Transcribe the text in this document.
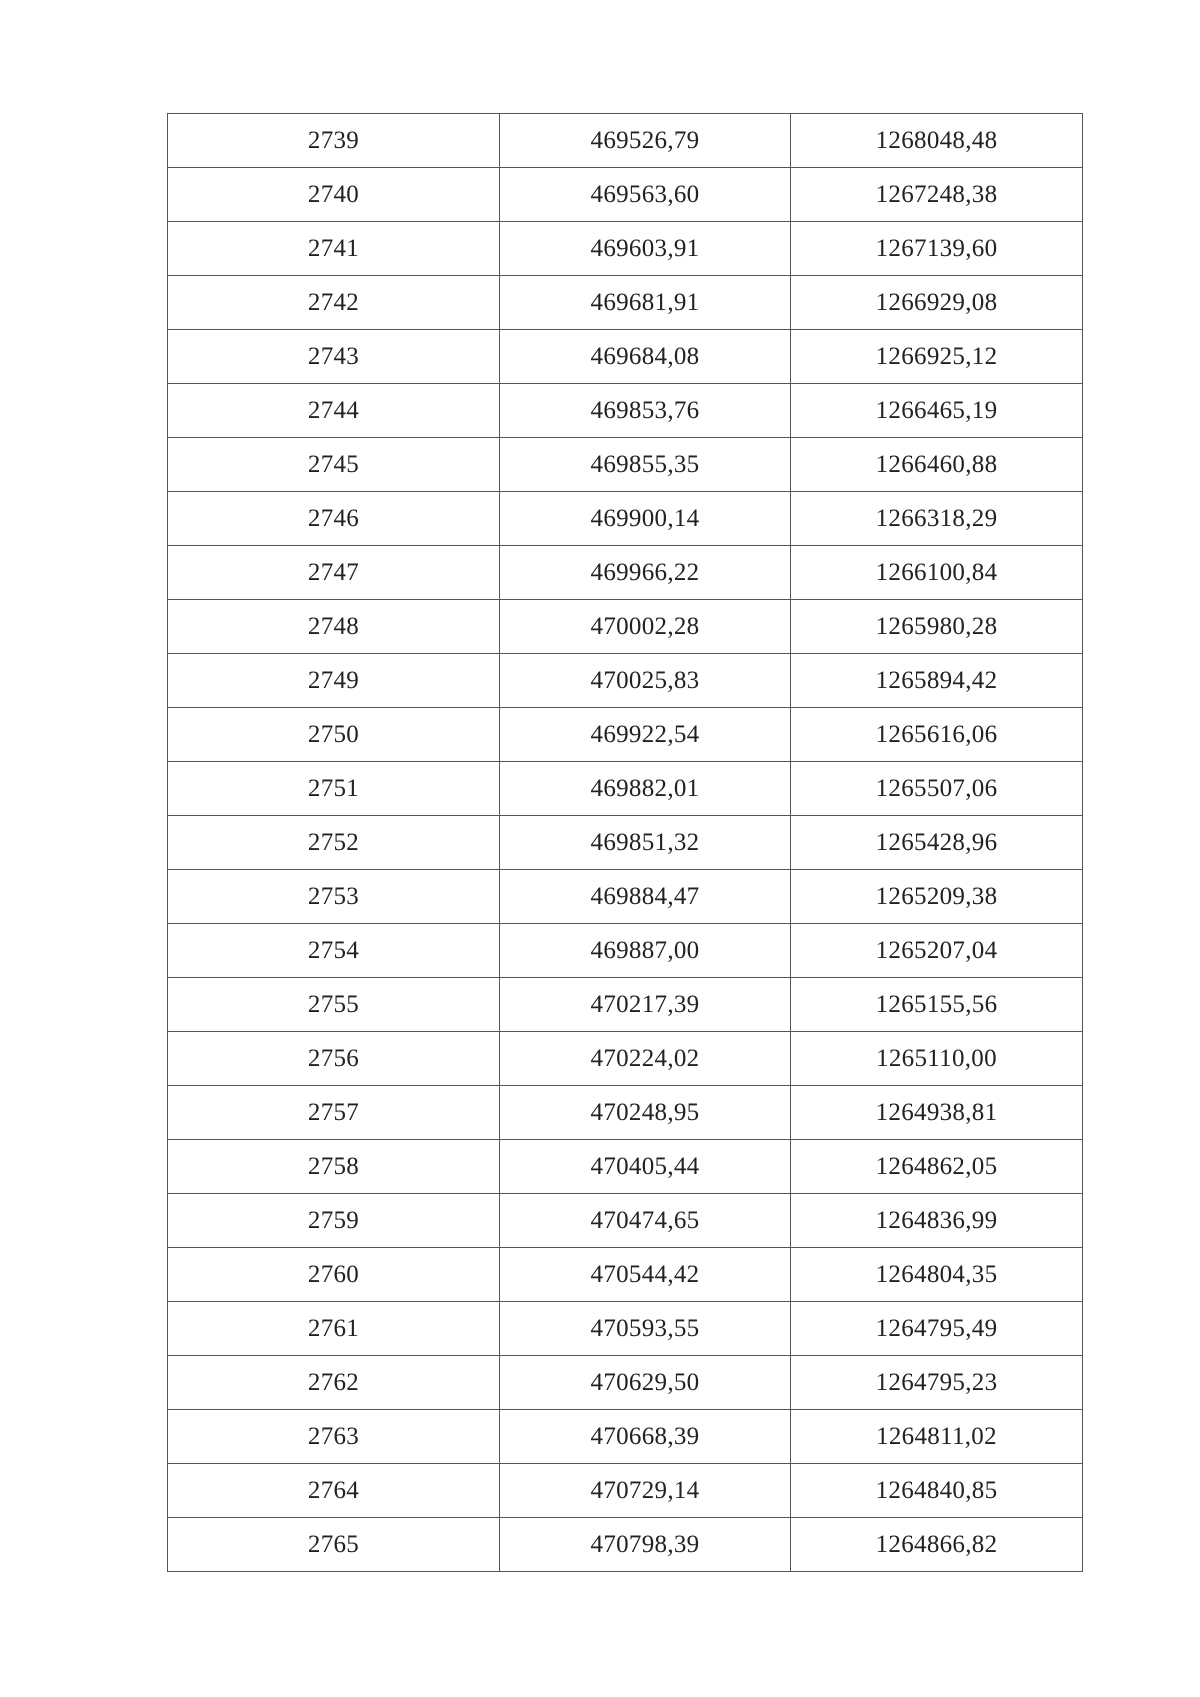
2739	469526,79	1268048,48
2740	469563,60	1267248,38
2741	469603,91	1267139,60
2742	469681,91	1266929,08
2743	469684,08	1266925,12
2744	469853,76	1266465,19
2745	469855,35	1266460,88
2746	469900,14	1266318,29
2747	469966,22	1266100,84
2748	470002,28	1265980,28
2749	470025,83	1265894,42
2750	469922,54	1265616,06
2751	469882,01	1265507,06
2752	469851,32	1265428,96
2753	469884,47	1265209,38
2754	469887,00	1265207,04
2755	470217,39	1265155,56
2756	470224,02	1265110,00
2757	470248,95	1264938,81
2758	470405,44	1264862,05
2759	470474,65	1264836,99
2760	470544,42	1264804,35
2761	470593,55	1264795,49
2762	470629,50	1264795,23
2763	470668,39	1264811,02
2764	470729,14	1264840,85
2765	470798,39	1264866,82
